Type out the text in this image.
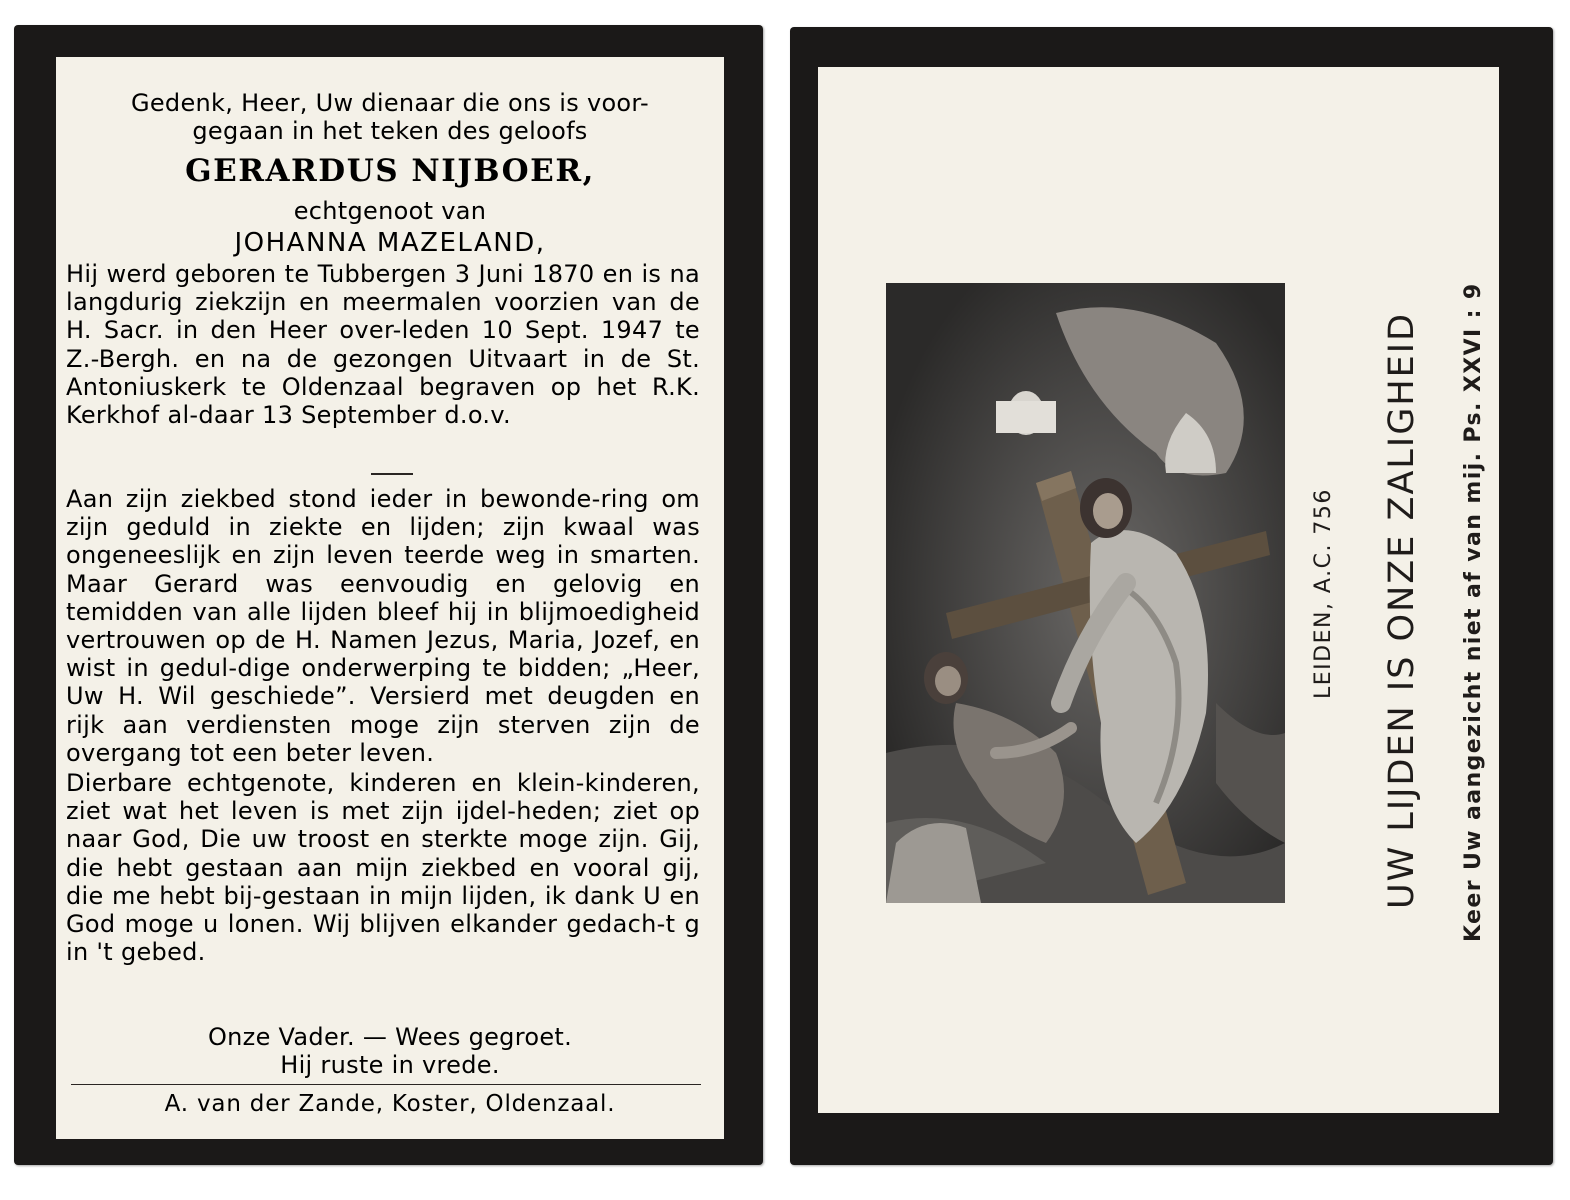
Gedenk, Heer, Uw dienaar die ons is voor-gegaan in het teken des geloofs
GERARDUS NIJBOER,
echtgenoot van
JOHANNA MAZELAND,
Hij werd geboren te Tubbergen 3 Juni 1870 en is na langdurig ziekzijn en meermalen voorzien van de H. Sacr. in den Heer over-leden 10 Sept. 1947 te Z.-Bergh. en na de gezongen Uitvaart in de St. Antoniuskerk te Oldenzaal begraven op het R.K. Kerkhof al-daar 13 September d.o.v.
Aan zijn ziekbed stond ieder in bewonde-ring om zijn geduld in ziekte en lijden; zijn kwaal was ongeneeslijk en zijn leven teerde weg in smarten. Maar Gerard was eenvoudig en gelovig en temidden van alle lijden bleef hij in blijmoedigheid vertrouwen op de H. Namen Jezus, Maria, Jozef, en wist in gedul-dige onderwerping te bidden; „Heer, Uw H. Wil geschiede”. Versierd met deugden en rijk aan verdiensten moge zijn sterven zijn de overgang tot een beter leven.
Dierbare echtgenote, kinderen en klein-kinderen, ziet wat het leven is met zijn ijdel-heden; ziet op naar God, Die uw troost en sterkte moge zijn. Gij, die hebt gestaan aan mijn ziekbed en vooral gij, die me hebt bij-gestaan in mijn lijden, ik dank U en God moge u lonen. Wij blijven elkander gedach-t g in 't gebed.
Onze Vader. — Wees gegroet.
Hij ruste in vrede.
A. van der Zande, Koster, Oldenzaal.
LEIDEN, A.C. 756 UW LIJDEN IS ONZE ZALIGHEID Keer Uw aangezicht niet af van mij. Ps. XXVI : 9
